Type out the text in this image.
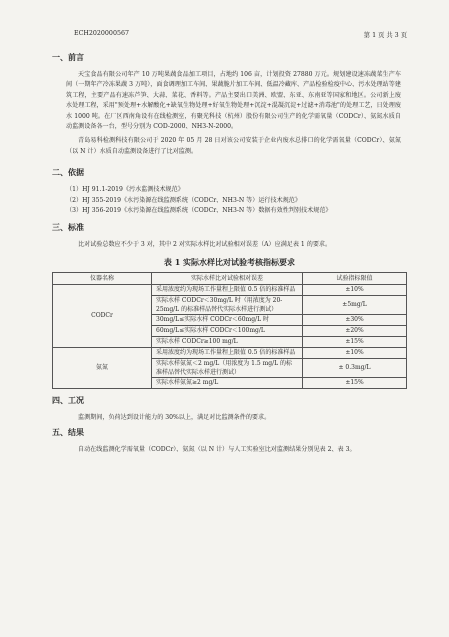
ECH2020000567	第 1 页 共 3 页
一、前言

天宝食品有限公司年产 10 万吨果蔬食品加工项目，占地约 106 亩，计划投资 27880 万元。规划建设速冻蔬菜生产车间（一期年产冷冻果蔬 3 万吨），面食调理加工车间、果蔬脆片加工车间、低温冷藏库、产品检验检疫中心、污水处理站等建筑工程，主要产品有速冻芦笋、大蒜、菜花、香料等。产品主要出口美洲、欧盟、东亚、东南亚等国家和地区。公司新上废水处理工程，采用"预处理+水解酸化+缺氧生物处理+好氧生物处理+沉淀+混凝沉淀+过滤+消毒池"的处理工艺，日处理废水 1000 吨。在厂区西南角设有在线检测室，有聚光科技（杭州）股份有限公司生产的化学需氧量（CODCr）、氨氮水质自动监测设备各一台，型号分别为 COD-2000、NH3-N-2000。

青岛易科检测科技有限公司于 2020 年 05 月 28 日对该公司安装于企业内废水总排口的化学需氧量（CODCr）、氨氮（以 N 计）水质自动监测设备进行了比对监测。

二、依据
（1）HJ 91.1-2019《污水监测技术规范》
（2）HJ 355-2019《水污染源在线监测系统（CODCr、NH3-N 等）运行技术规范》
（3）HJ 356-2019《水污染源在线监测系统（CODCr、NH3-N 等）数据有效性判别技术规范》
三、标准

比对试验总数应不少于 3 对，其中 2 对实际水样比对试验相对误差（A）应满足表 1 的要求。

表 1 实际水样比对试验考核指标要求
仪器名称	实际水样比对试验相对误差	试验指标限值
CODCr	采用浓度约为现场工作量程上限值 0.5 倍的标准样品	±10%
	实际水样 CODCr＜30mg/L 时（用浓度为 20-25mg/L 的标准样品替代实际水样进行测试）	±5mg/L
	30mg/L≤实际水样 CODCr＜60mg/L 时	±30%
	60mg/L≤实际水样 CODCr＜100mg/L	±20%
	实际水样 CODCr≥100 mg/L	±15%
氨氮	采用浓度约为现场工作量程上限值 0.5 倍的标准样品	±10%
	实际水样氨氮＜2 mg/L（用浓度为 1.5 mg/L 的标准样品替代实际水样进行测试）	± 0.3mg/L
	实际水样氨氮≥2 mg/L	±15%
四、工况

监测期间，负荷达到设计能力的 30%以上，满足对比监测条件的要求。

五、结果

自动在线监测化学需氧量（CODCr）、氨氮（以 N 计）与人工实验室比对监测结果分别见表 2、表 3。
